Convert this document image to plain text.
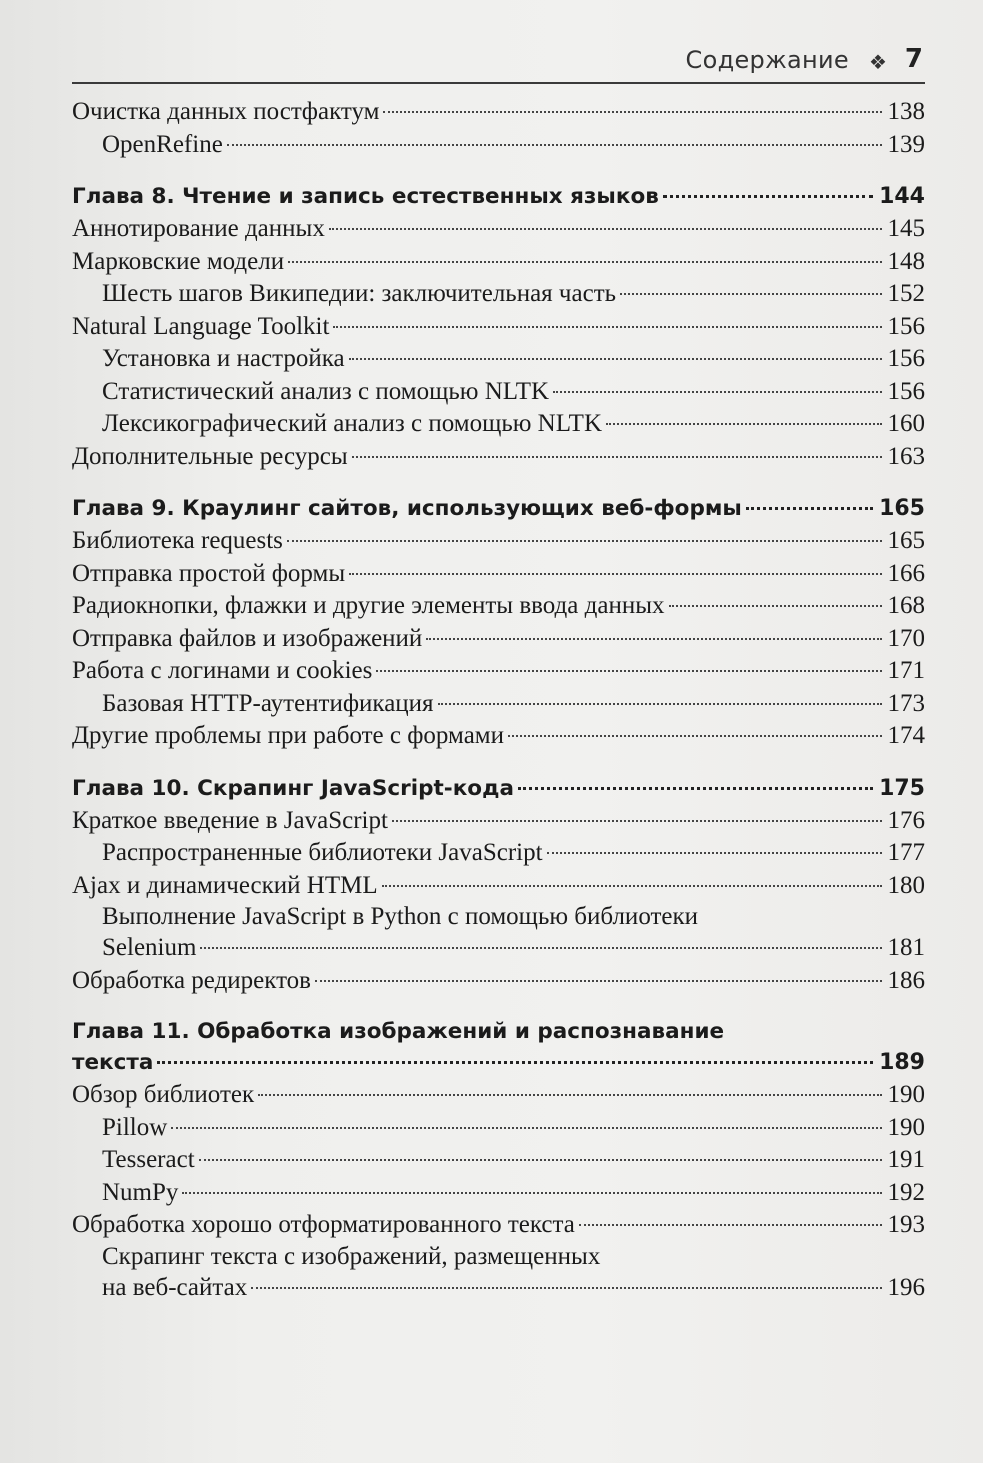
Содержание ❖ 7
Очистка данных постфактум	138
OpenRefine	139
Глава 8. Чтение и запись естественных языков	144
Аннотирование данных	145
Марковские модели	148
Шесть шагов Википедии: заключительная часть	152
Natural Language Toolkit	156
Установка и настройка	156
Статистический анализ с помощью NLTK	156
Лексикографический анализ с помощью NLTK	160
Дополнительные ресурсы	163
Глава 9. Краулинг сайтов, использующих веб-формы	165
Библиотека requests	165
Отправка простой формы	166
Радиокнопки, флажки и другие элементы ввода данных	168
Отправка файлов и изображений	170
Работа с логинами и cookies	171
Базовая HTTP-аутентификация	173
Другие проблемы при работе с формами	174
Глава 10. Скрапинг JavaScript-кода	175
Краткое введение в JavaScript	176
Распространенные библиотеки JavaScript	177
Ajax и динамический HTML	180
Выполнение JavaScript в Python с помощью библиотеки
Selenium	181
Обработка редиректов	186
Глава 11. Обработка изображений и распознавание
текста	189
Обзор библиотек	190
Pillow	190
Tesseract	191
NumPy	192
Обработка хорошо отформатированного текста	193
Скрапинг текста с изображений, размещенных
на веб-сайтах	196
